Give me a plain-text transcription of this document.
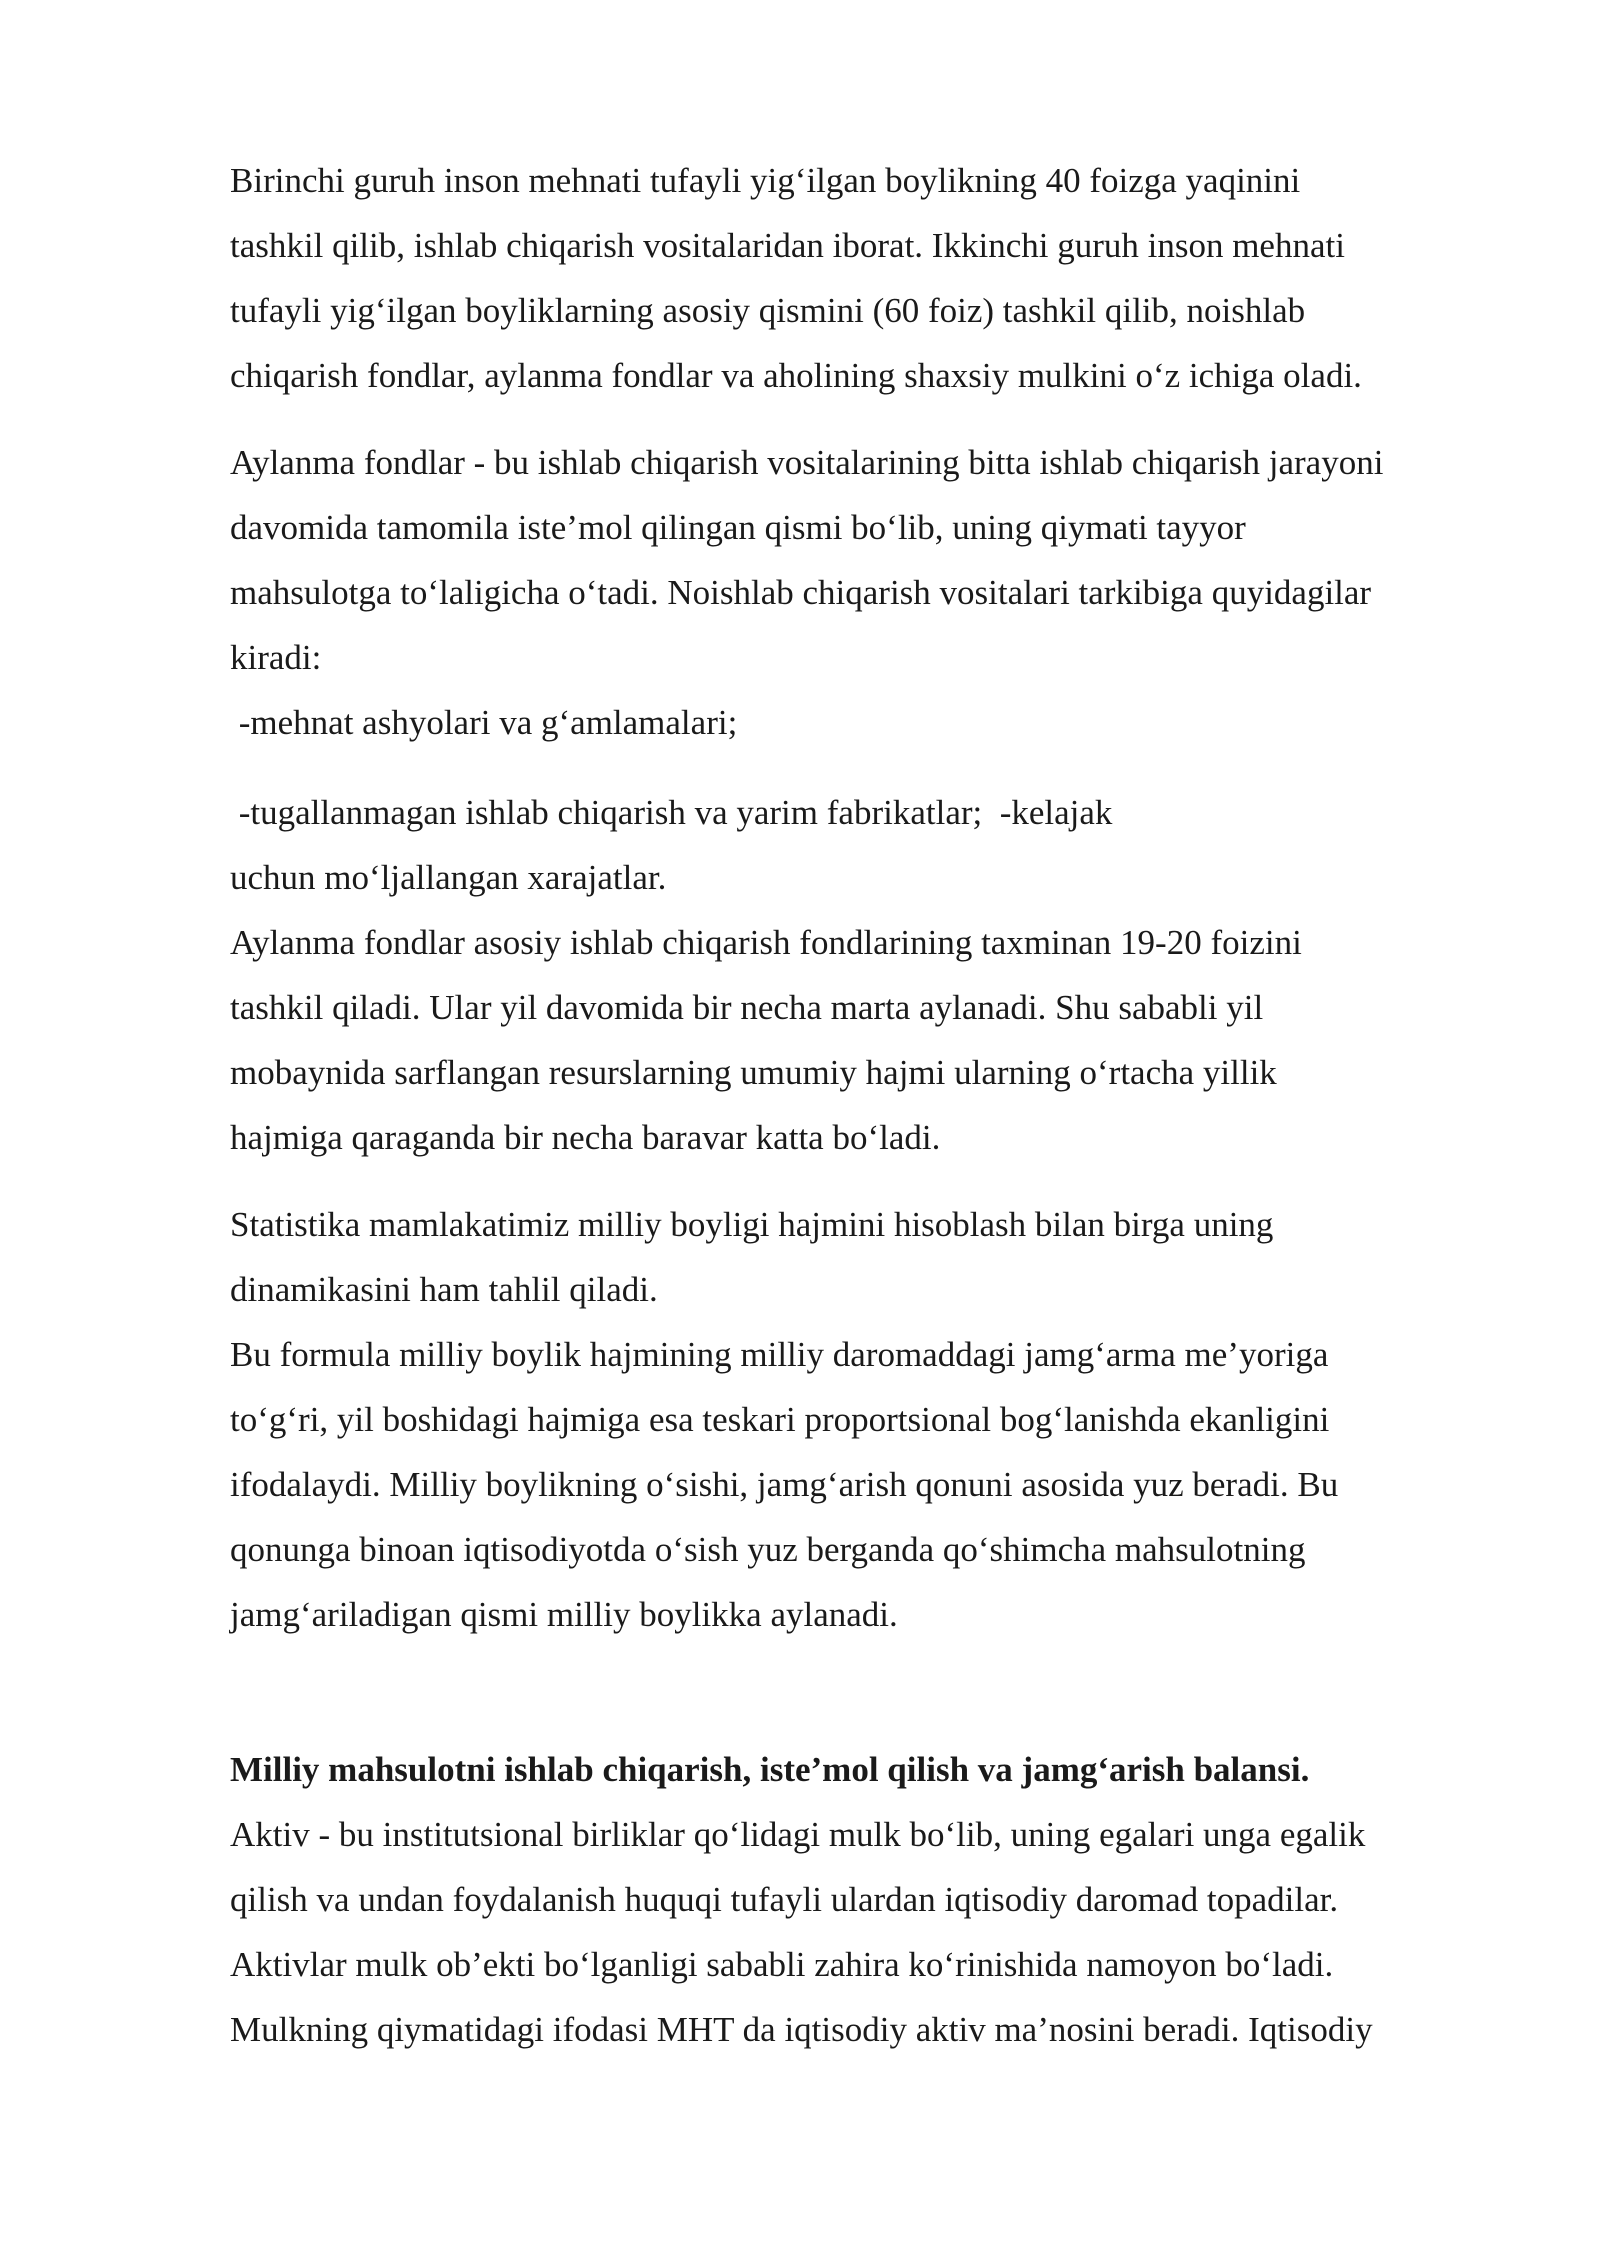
Birinchi guruh inson mehnati tufayli yig‘ilgan boylikning 40 foizga yaqinini
tashkil qilib, ishlab chiqarish vositalaridan iborat. Ikkinchi guruh inson mehnati
tufayli yig‘ilgan boyliklarning asosiy qismini (60 foiz) tashkil qilib, noishlab
chiqarish fondlar, aylanma fondlar va aholining shaxsiy mulkini o‘z ichiga oladi.

Aylanma fondlar - bu ishlab chiqarish vositalarining bitta ishlab chiqarish jarayoni
davomida tamomila iste’mol qilingan qismi bo‘lib, uning qiymati tayyor
mahsulotga to‘laligicha o‘tadi. Noishlab chiqarish vositalari tarkibiga quyidagilar
kiradi:

-mehnat ashyolari va g‘amlamalari;

-tugallanmagan ishlab chiqarish va yarim fabrikatlar;  -kelajak
uchun mo‘ljallangan xarajatlar.

Aylanma fondlar asosiy ishlab chiqarish fondlarining taxminan 19-20 foizini
tashkil qiladi. Ular yil davomida bir necha marta aylanadi. Shu sababli yil
mobaynida sarflangan resurslarning umumiy hajmi ularning o‘rtacha yillik
hajmiga qaraganda bir necha baravar katta bo‘ladi.

Statistika mamlakatimiz milliy boyligi hajmini hisoblash bilan birga uning
dinamikasini ham tahlil qiladi.

Bu formula milliy boylik hajmining milliy daromaddagi jamg‘arma me’yoriga
to‘g‘ri, yil boshidagi hajmiga esa teskari proportsional bog‘lanishda ekanligini
ifodalaydi. Milliy boylikning o‘sishi, jamg‘arish qonuni asosida yuz beradi. Bu
qonunga binoan iqtisodiyotda o‘sish yuz berganda qo‘shimcha mahsulotning
jamg‘ariladigan qismi milliy boylikka aylanadi.

Milliy mahsulotni ishlab chiqarish, iste’mol qilish va jamg‘arish balansi.

Aktiv - bu institutsional birliklar qo‘lidagi mulk bo‘lib, uning egalari unga egalik
qilish va undan foydalanish huquqi tufayli ulardan iqtisodiy daromad topadilar.
Aktivlar mulk ob’ekti bo‘lganligi sababli zahira ko‘rinishida namoyon bo‘ladi.
Mulkning qiymatidagi ifodasi MHT da iqtisodiy aktiv ma’nosini beradi. Iqtisodiy
